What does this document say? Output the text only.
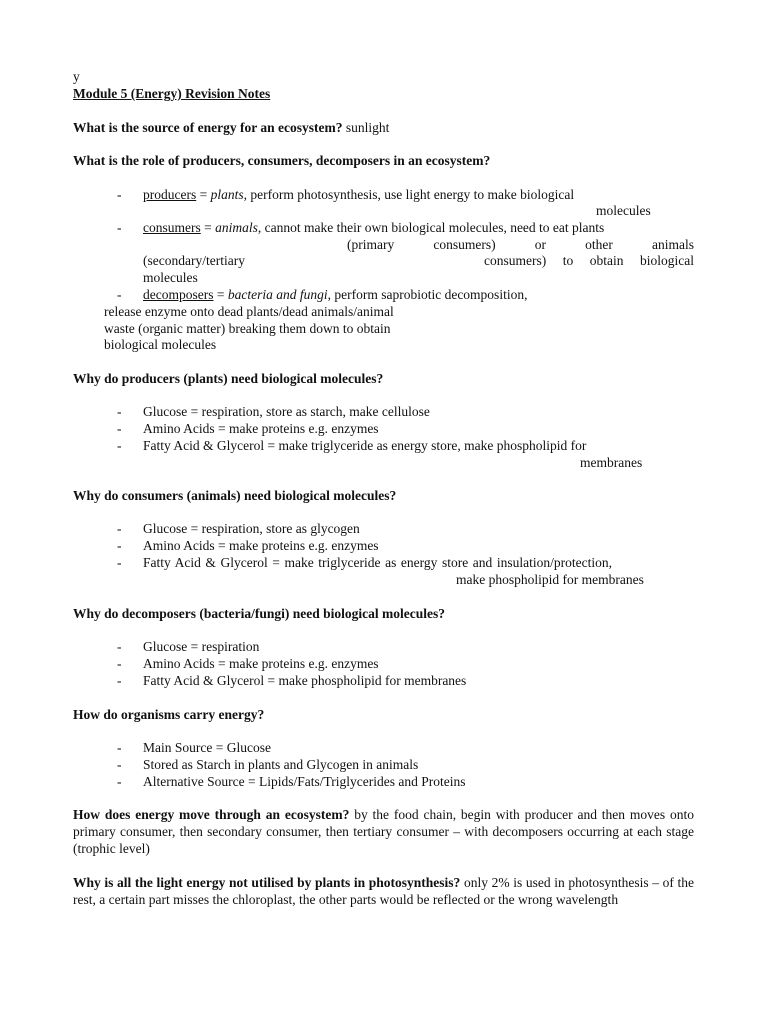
y
Module 5 (Energy) Revision Notes
What is the source of energy for an ecosystem? sunlight
What is the role of producers, consumers, decomposers in an ecosystem?
- producers = plants, perform photosynthesis, use light energy to make biological
molecules
- consumers = animals, cannot make their own biological molecules, need to eat plants
(primary	consumers)	or	other	animals
(secondary/tertiary	consumers) to obtain biological
molecules
- decomposers = bacteria and fungi, perform saprobiotic decomposition,
release enzyme onto dead plants/dead animals/animal
waste (organic matter) breaking them down to obtain
biological molecules
Why do producers (plants) need biological molecules?
- Glucose = respiration, store as starch, make cellulose
- Amino Acids = make proteins e.g. enzymes
- Fatty Acid & Glycerol = make triglyceride as energy store, make phospholipid for
membranes
Why do consumers (animals) need biological molecules?
- Glucose = respiration, store as glycogen
- Amino Acids = make proteins e.g. enzymes
- Fatty Acid & Glycerol = make triglyceride as energy store and insulation/protection,
make phospholipid for membranes
Why do decomposers (bacteria/fungi) need biological molecules?
- Glucose = respiration
- Amino Acids = make proteins e.g. enzymes
- Fatty Acid & Glycerol = make phospholipid for membranes
How do organisms carry energy?
- Main Source = Glucose
- Stored as Starch in plants and Glycogen in animals
- Alternative Source = Lipids/Fats/Triglycerides and Proteins
How does energy move through an ecosystem? by the food chain, begin with producer and then moves onto primary consumer, then secondary consumer, then tertiary consumer – with decomposers occurring at each stage (trophic level)
Why is all the light energy not utilised by plants in photosynthesis? only 2% is used in photosynthesis – of the rest, a certain part misses the chloroplast, the other parts would be reflected or the wrong wavelength
